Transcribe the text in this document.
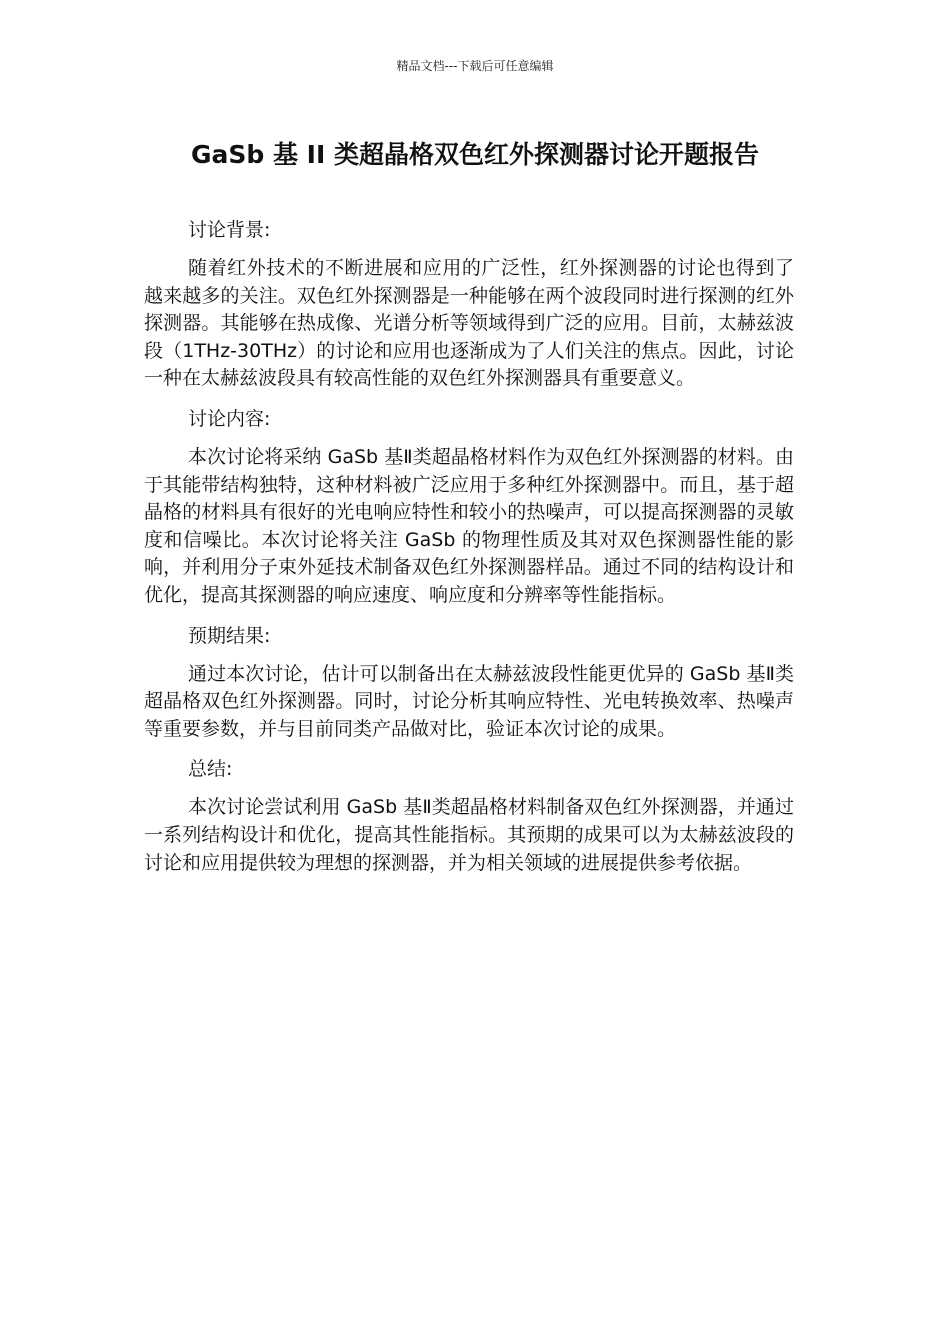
精品文档---下载后可任意编辑
GaSb 基 II 类超晶格双色红外探测器讨论开题报告

讨论背景:

随着红外技术的不断进展和应用的广泛性，红外探测器的讨论也得到了越来越多的关注。双色红外探测器是一种能够在两个波段同时进行探测的红外探测器。其能够在热成像、光谱分析等领域得到广泛的应用。目前，太赫兹波段（1THz-30THz）的讨论和应用也逐渐成为了人们关注的焦点。因此，讨论一种在太赫兹波段具有较高性能的双色红外探测器具有重要意义。

讨论内容:

本次讨论将采纳 GaSb 基Ⅱ类超晶格材料作为双色红外探测器的材料。由于其能带结构独特，这种材料被广泛应用于多种红外探测器中。而且，基于超晶格的材料具有很好的光电响应特性和较小的热噪声，可以提高探测器的灵敏度和信噪比。本次讨论将关注 GaSb 的物理性质及其对双色探测器性能的影响，并利用分子束外延技术制备双色红外探测器样品。通过不同的结构设计和优化，提高其探测器的响应速度、响应度和分辨率等性能指标。

预期结果:

通过本次讨论，估计可以制备出在太赫兹波段性能更优异的 GaSb 基Ⅱ类超晶格双色红外探测器。同时，讨论分析其响应特性、光电转换效率、热噪声等重要参数，并与目前同类产品做对比，验证本次讨论的成果。

总结:

本次讨论尝试利用 GaSb 基Ⅱ类超晶格材料制备双色红外探测器，并通过一系列结构设计和优化，提高其性能指标。其预期的成果可以为太赫兹波段的讨论和应用提供较为理想的探测器，并为相关领域的进展提供参考依据。
